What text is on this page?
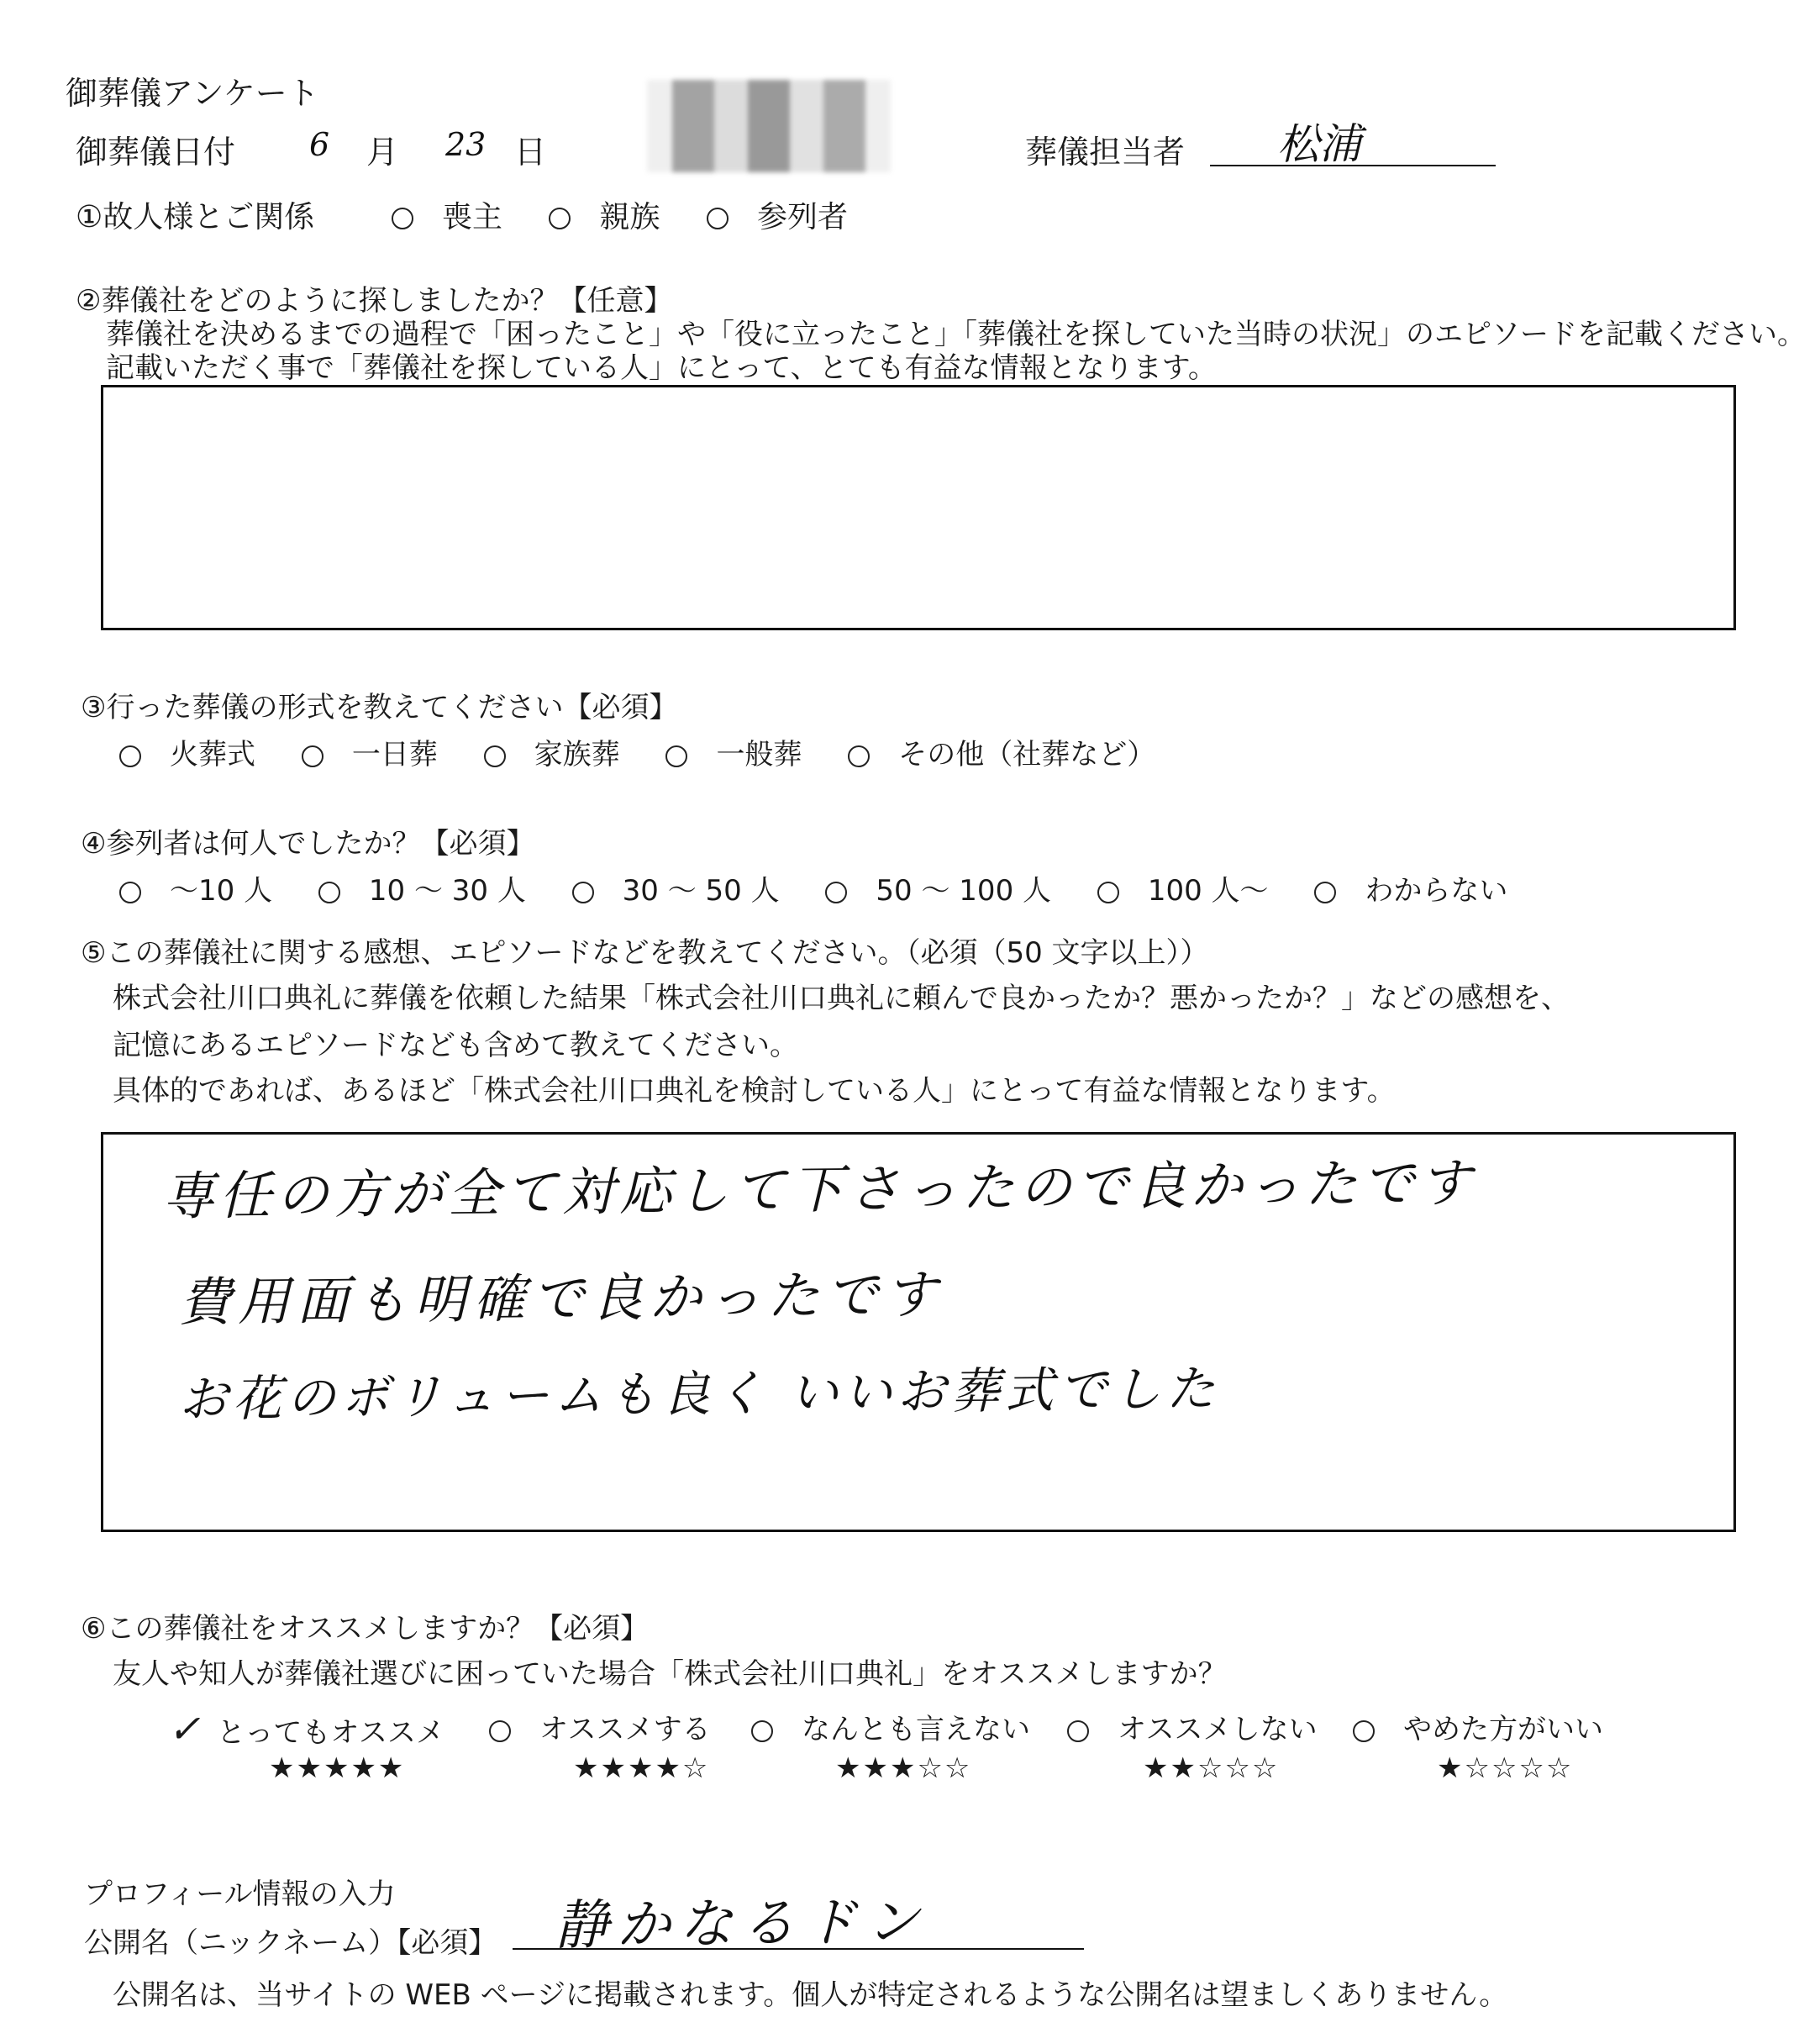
御葬儀アンケート
御葬儀日付 6 月 23 日	葬儀担当者 松浦
①故人様とご関係	喪主	親族	参列者
②葬儀社をどのように探しましたか？【任意】
葬儀社を決めるまでの過程で「困ったこと」や「役に立ったこと」「葬儀社を探していた当時の状況」のエピソードを記載ください。
記載いただく事で「葬儀社を探している人」にとって、とても有益な情報となります。
③行った葬儀の形式を教えてください【必須】
火葬式	一日葬	家族葬	一般葬	その他（社葬など）
④参列者は何人でしたか？【必須】
～10 人	10 ～ 30 人	30 ～ 50 人	50 ～ 100 人	100 人～	わからない
⑤この葬儀社に関する感想、エピソードなどを教えてください。（必須（50 文字以上））
株式会社川口典礼に葬儀を依頼した結果「株式会社川口典礼に頼んで良かったか？悪かったか？」などの感想を、
記憶にあるエピソードなども含めて教えてください。
具体的であれば、あるほど「株式会社川口典礼を検討している人」にとって有益な情報となります。
専任の方が全て対応して下さったので良かったです
費用面も明確で良かったです
お花のボリュームも良く いいお葬式でした
⑥この葬儀社をオススメしますか？【必須】
友人や知人が葬儀社選びに困っていた場合「株式会社川口典礼」をオススメしますか？
✓ とってもオススメ
★★★★★
オススメする
★★★★☆
なんとも言えない
★★★☆☆
オススメしない
★★☆☆☆
やめた方がいい
★☆☆☆☆
プロフィール情報の入力
公開名（ニックネーム）【必須】 静かなるドン
公開名は、当サイトの WEB ページに掲載されます。個人が特定されるような公開名は望ましくありません。
